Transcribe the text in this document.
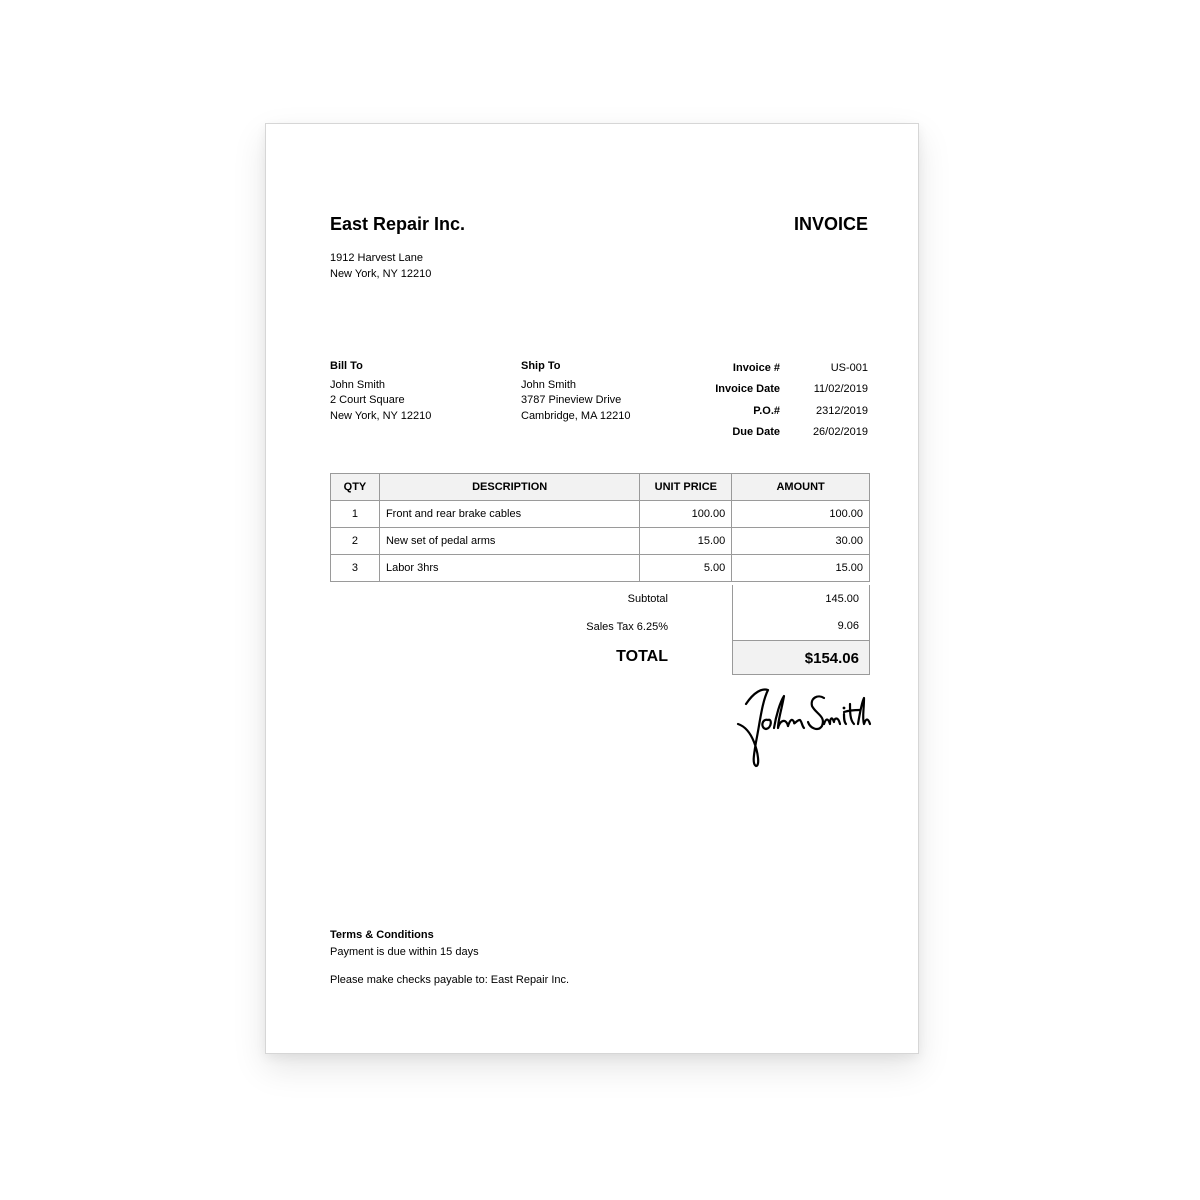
East Repair Inc.	INVOICE
1912 Harvest Lane
New York, NY 12210
Bill To
John Smith
2 Court Square
New York, NY 12210
Ship To
John Smith
3787 Pineview Drive
Cambridge, MA 12210
Invoice #	US-001
Invoice Date	11/02/2019
P.O.#	2312/2019
Due Date	26/02/2019
QTY	DESCRIPTION	UNIT PRICE	AMOUNT
1	Front and rear brake cables	100.00	100.00
2	New set of pedal arms	15.00	30.00
3	Labor 3hrs	5.00	15.00
Subtotal	145.00
Sales Tax 6.25%	9.06
TOTAL	$154.06
Terms & Conditions
Payment is due within 15 days
Please make checks payable to: East Repair Inc.
